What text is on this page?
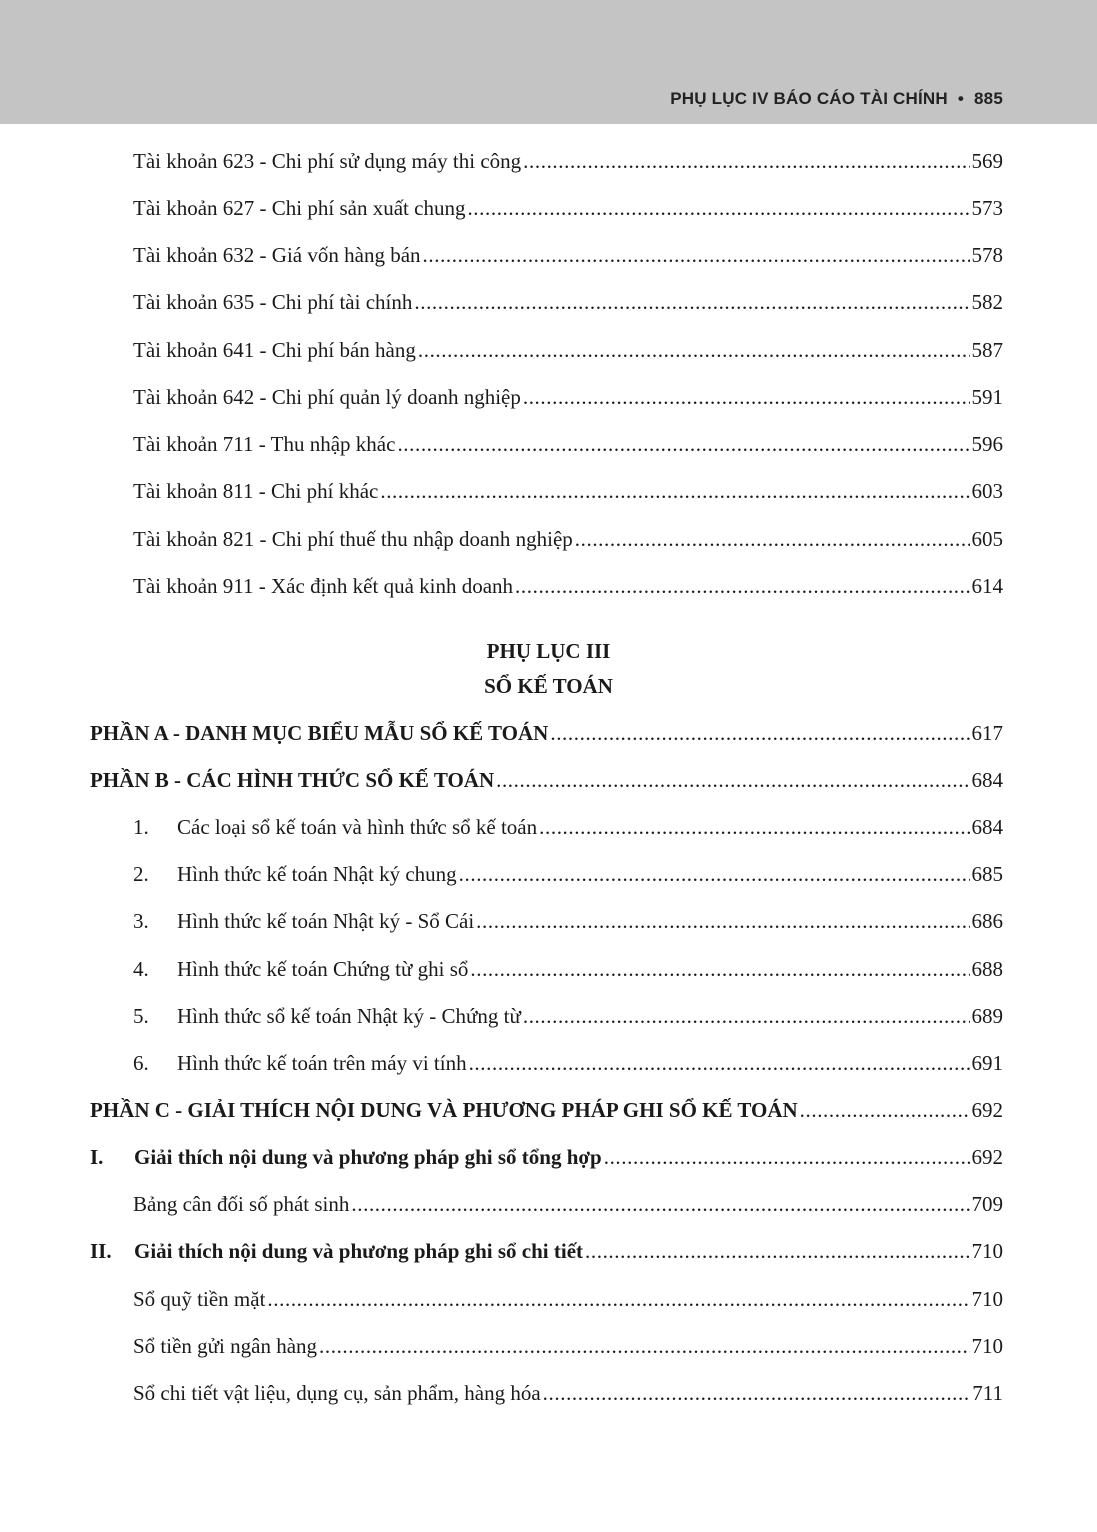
PHỤ LỤC IV BÁO CÁO TÀI CHÍNH • 885
Tài khoản 623 - Chi phí sử dụng máy thi công .....	569
Tài khoản 627 - Chi phí sản xuất chung .....	573
Tài khoản 632 - Giá vốn hàng bán .....	578
Tài khoản 635 - Chi phí tài chính .....	582
Tài khoản 641 - Chi phí bán hàng .....	587
Tài khoản 642 - Chi phí quản lý doanh nghiệp .....	591
Tài khoản 711 - Thu nhập khác .....	596
Tài khoản 811 - Chi phí khác .....	603
Tài khoản 821 - Chi phí thuế thu nhập doanh nghiệp .....	605
Tài khoản 911 - Xác định kết quả kinh doanh .....	614
PHỤ LỤC III
SỔ KẾ TOÁN
PHẦN A - DANH MỤC BIỂU MẪU SỔ KẾ TOÁN .....	617
PHẦN B - CÁC HÌNH THỨC SỔ KẾ TOÁN .....	684
1.	Các loại sổ kế toán và hình thức sổ kế toán .....	684
2.	Hình thức kế toán Nhật ký chung .....	685
3.	Hình thức kế toán Nhật ký - Sổ Cái .....	686
4.	Hình thức kế toán Chứng từ ghi sổ .....	688
5.	Hình thức sổ kế toán Nhật ký - Chứng từ .....	689
6.	Hình thức kế toán trên máy vi tính .....	691
PHẦN C - GIẢI THÍCH NỘI DUNG VÀ PHƯƠNG PHÁP GHI SỔ KẾ TOÁN .....	692
I.	Giải thích nội dung và phương pháp ghi sổ tổng hợp .....	692
Bảng cân đối số phát sinh .....	709
II.	Giải thích nội dung và phương pháp ghi sổ chi tiết .....	710
Sổ quỹ tiền mặt .....	710
Sổ tiền gửi ngân hàng .....	710
Sổ chi tiết vật liệu, dụng cụ, sản phẩm, hàng hóa .....	711
